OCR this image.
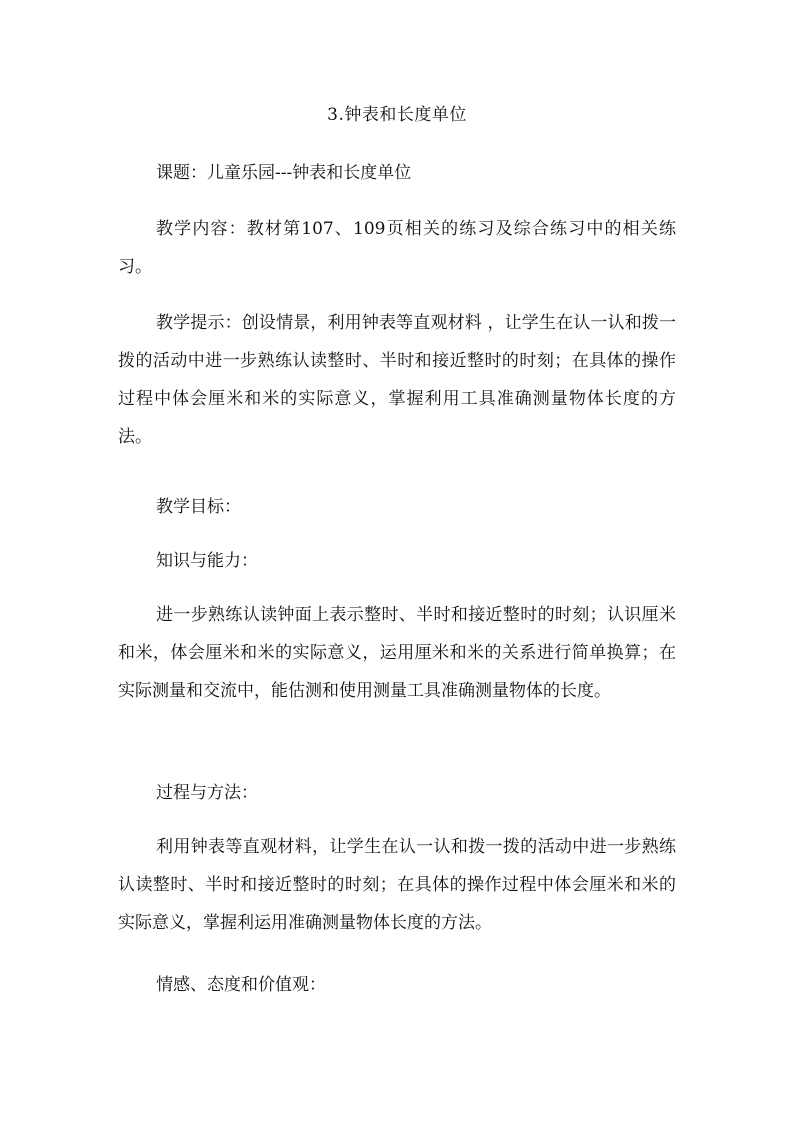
3.钟表和长度单位
课题：儿童乐园---钟表和长度单位
教学内容：教材第107、109页相关的练习及综合练习中的相关练习。
教学提示：创设情景，利用钟表等直观材料 ，让学生在认一认和拨一拨的活动中进一步熟练认读整时、半时和接近整时的时刻；在具体的操作过程中体会厘米和米的实际意义，掌握利用工具准确测量物体长度的方法。
教学目标：
知识与能力：
进一步熟练认读钟面上表示整时、半时和接近整时的时刻；认识厘米和米，体会厘米和米的实际意义，运用厘米和米的关系进行简单换算；在实际测量和交流中，能估测和使用测量工具准确测量物体的长度。
过程与方法：
利用钟表等直观材料，让学生在认一认和拨一拨的活动中进一步熟练认读整时、半时和接近整时的时刻；在具体的操作过程中体会厘米和米的实际意义，掌握利运用准确测量物体长度的方法。
情感、态度和价值观：
